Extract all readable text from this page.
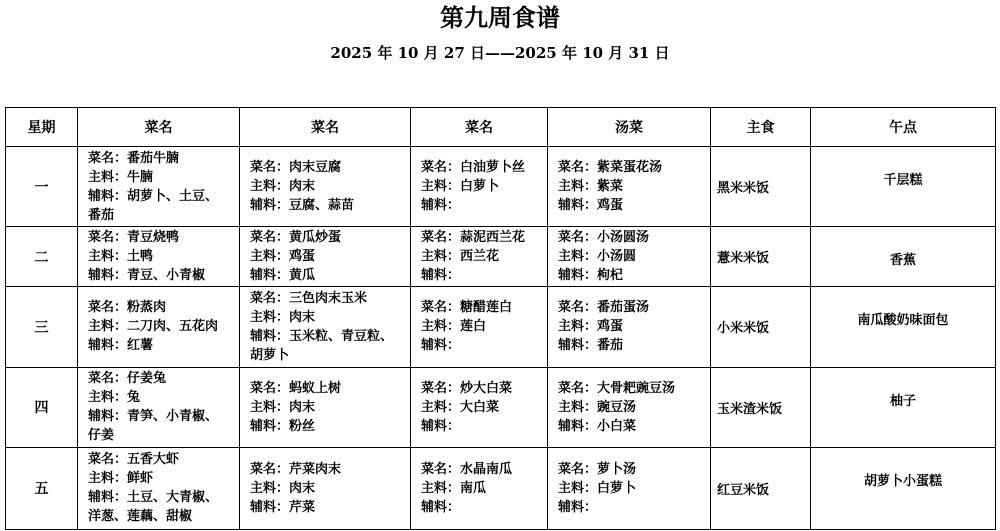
第九周食谱
2025 年 10 月 27 日——2025 年 10 月 31 日
星期	菜名	菜名	菜名	汤菜	主食	午点
一	菜名：番茄牛腩
主料：牛腩
辅料：胡萝卜、土豆、
番茄	菜名：肉末豆腐
主料：肉末
辅料：豆腐、蒜苗	菜名：白油萝卜丝
主料：白萝卜
辅料：	菜名：紫菜蛋花汤
主料：紫菜
辅料：鸡蛋	黑米米饭	千层糕
二	菜名：青豆烧鸭
主料：土鸭
辅料：青豆、小青椒	菜名：黄瓜炒蛋
主料：鸡蛋
辅料：黄瓜	菜名：蒜泥西兰花
主料：西兰花
辅料：	菜名：小汤圆汤
主料：小汤圆
辅料：枸杞	薏米米饭	香蕉
三	菜名：粉蒸肉
主料：二刀肉、五花肉
辅料：红薯	菜名：三色肉末玉米
主料：肉末
辅料：玉米粒、青豆粒、
胡萝卜	菜名：糖醋莲白
主料：莲白
辅料：	菜名：番茄蛋汤
主料：鸡蛋
辅料：番茄	小米米饭	南瓜酸奶味面包
四	菜名：仔姜兔
主料：兔
辅料：青笋、小青椒、
仔姜	菜名：蚂蚁上树
主料：肉末
辅料：粉丝	菜名：炒大白菜
主料：大白菜
辅料：	菜名：大骨耙豌豆汤
主料：豌豆汤
辅料：小白菜	玉米渣米饭	柚子
五	菜名：五香大虾
主料：鲜虾
辅料：土豆、大青椒、
洋葱、莲藕、甜椒	菜名：芹菜肉末
主料：肉末
辅料：芹菜	菜名：水晶南瓜
主料：南瓜
辅料：	菜名：萝卜汤
主料：白萝卜
辅料：	红豆米饭	胡萝卜小蛋糕
